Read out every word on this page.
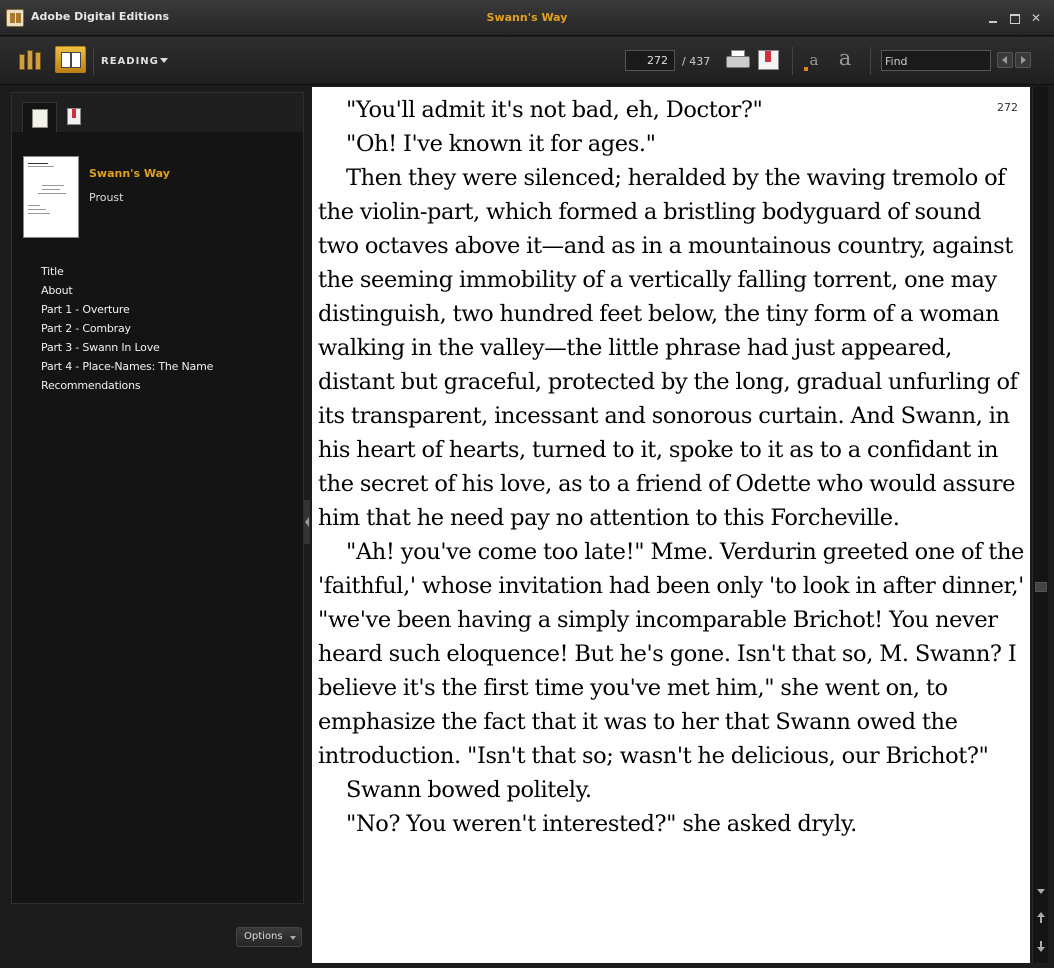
Adobe Digital Editions	Swann's Way	✕
READING	272	/ 437	a a	Find
Swann's Way
Proust
Title
About
Part 1 - Overture
Part 2 - Combray
Part 3 - Swann In Love
Part 4 - Place-Names: The Name
Recommendations
Options
272

"You'll admit it's not bad, eh, Doctor?"

"Oh! I've known it for ages."

Then they were silenced; heralded by the waving tremolo of the violin-part, which formed a bristling bodyguard of sound two octaves above it—and as in a mountainous country, against the seeming immobility of a vertically falling torrent, one may distinguish, two hundred feet below, the tiny form of a woman walking in the valley—the little phrase had just appeared, distant but graceful, protected by the long, gradual unfurling of its transparent, incessant and sonorous curtain. And Swann, in his heart of hearts, turned to it, spoke to it as to a confidant in the secret of his love, as to a friend of Odette who would assure him that he need pay no attention to this Forcheville.

"Ah! you've come too late!" Mme. Verdurin greeted one of the 'faithful,' whose invitation had been only 'to look in after dinner,' "we've been having a simply incomparable Brichot! You never heard such eloquence! But he's gone. Isn't that so, M. Swann? I believe it's the first time you've met him," she went on, to emphasize the fact that it was to her that Swann owed the introduction. "Isn't that so; wasn't he delicious, our Brichot?"

Swann bowed politely.

"No? You weren't interested?" she asked dryly.
